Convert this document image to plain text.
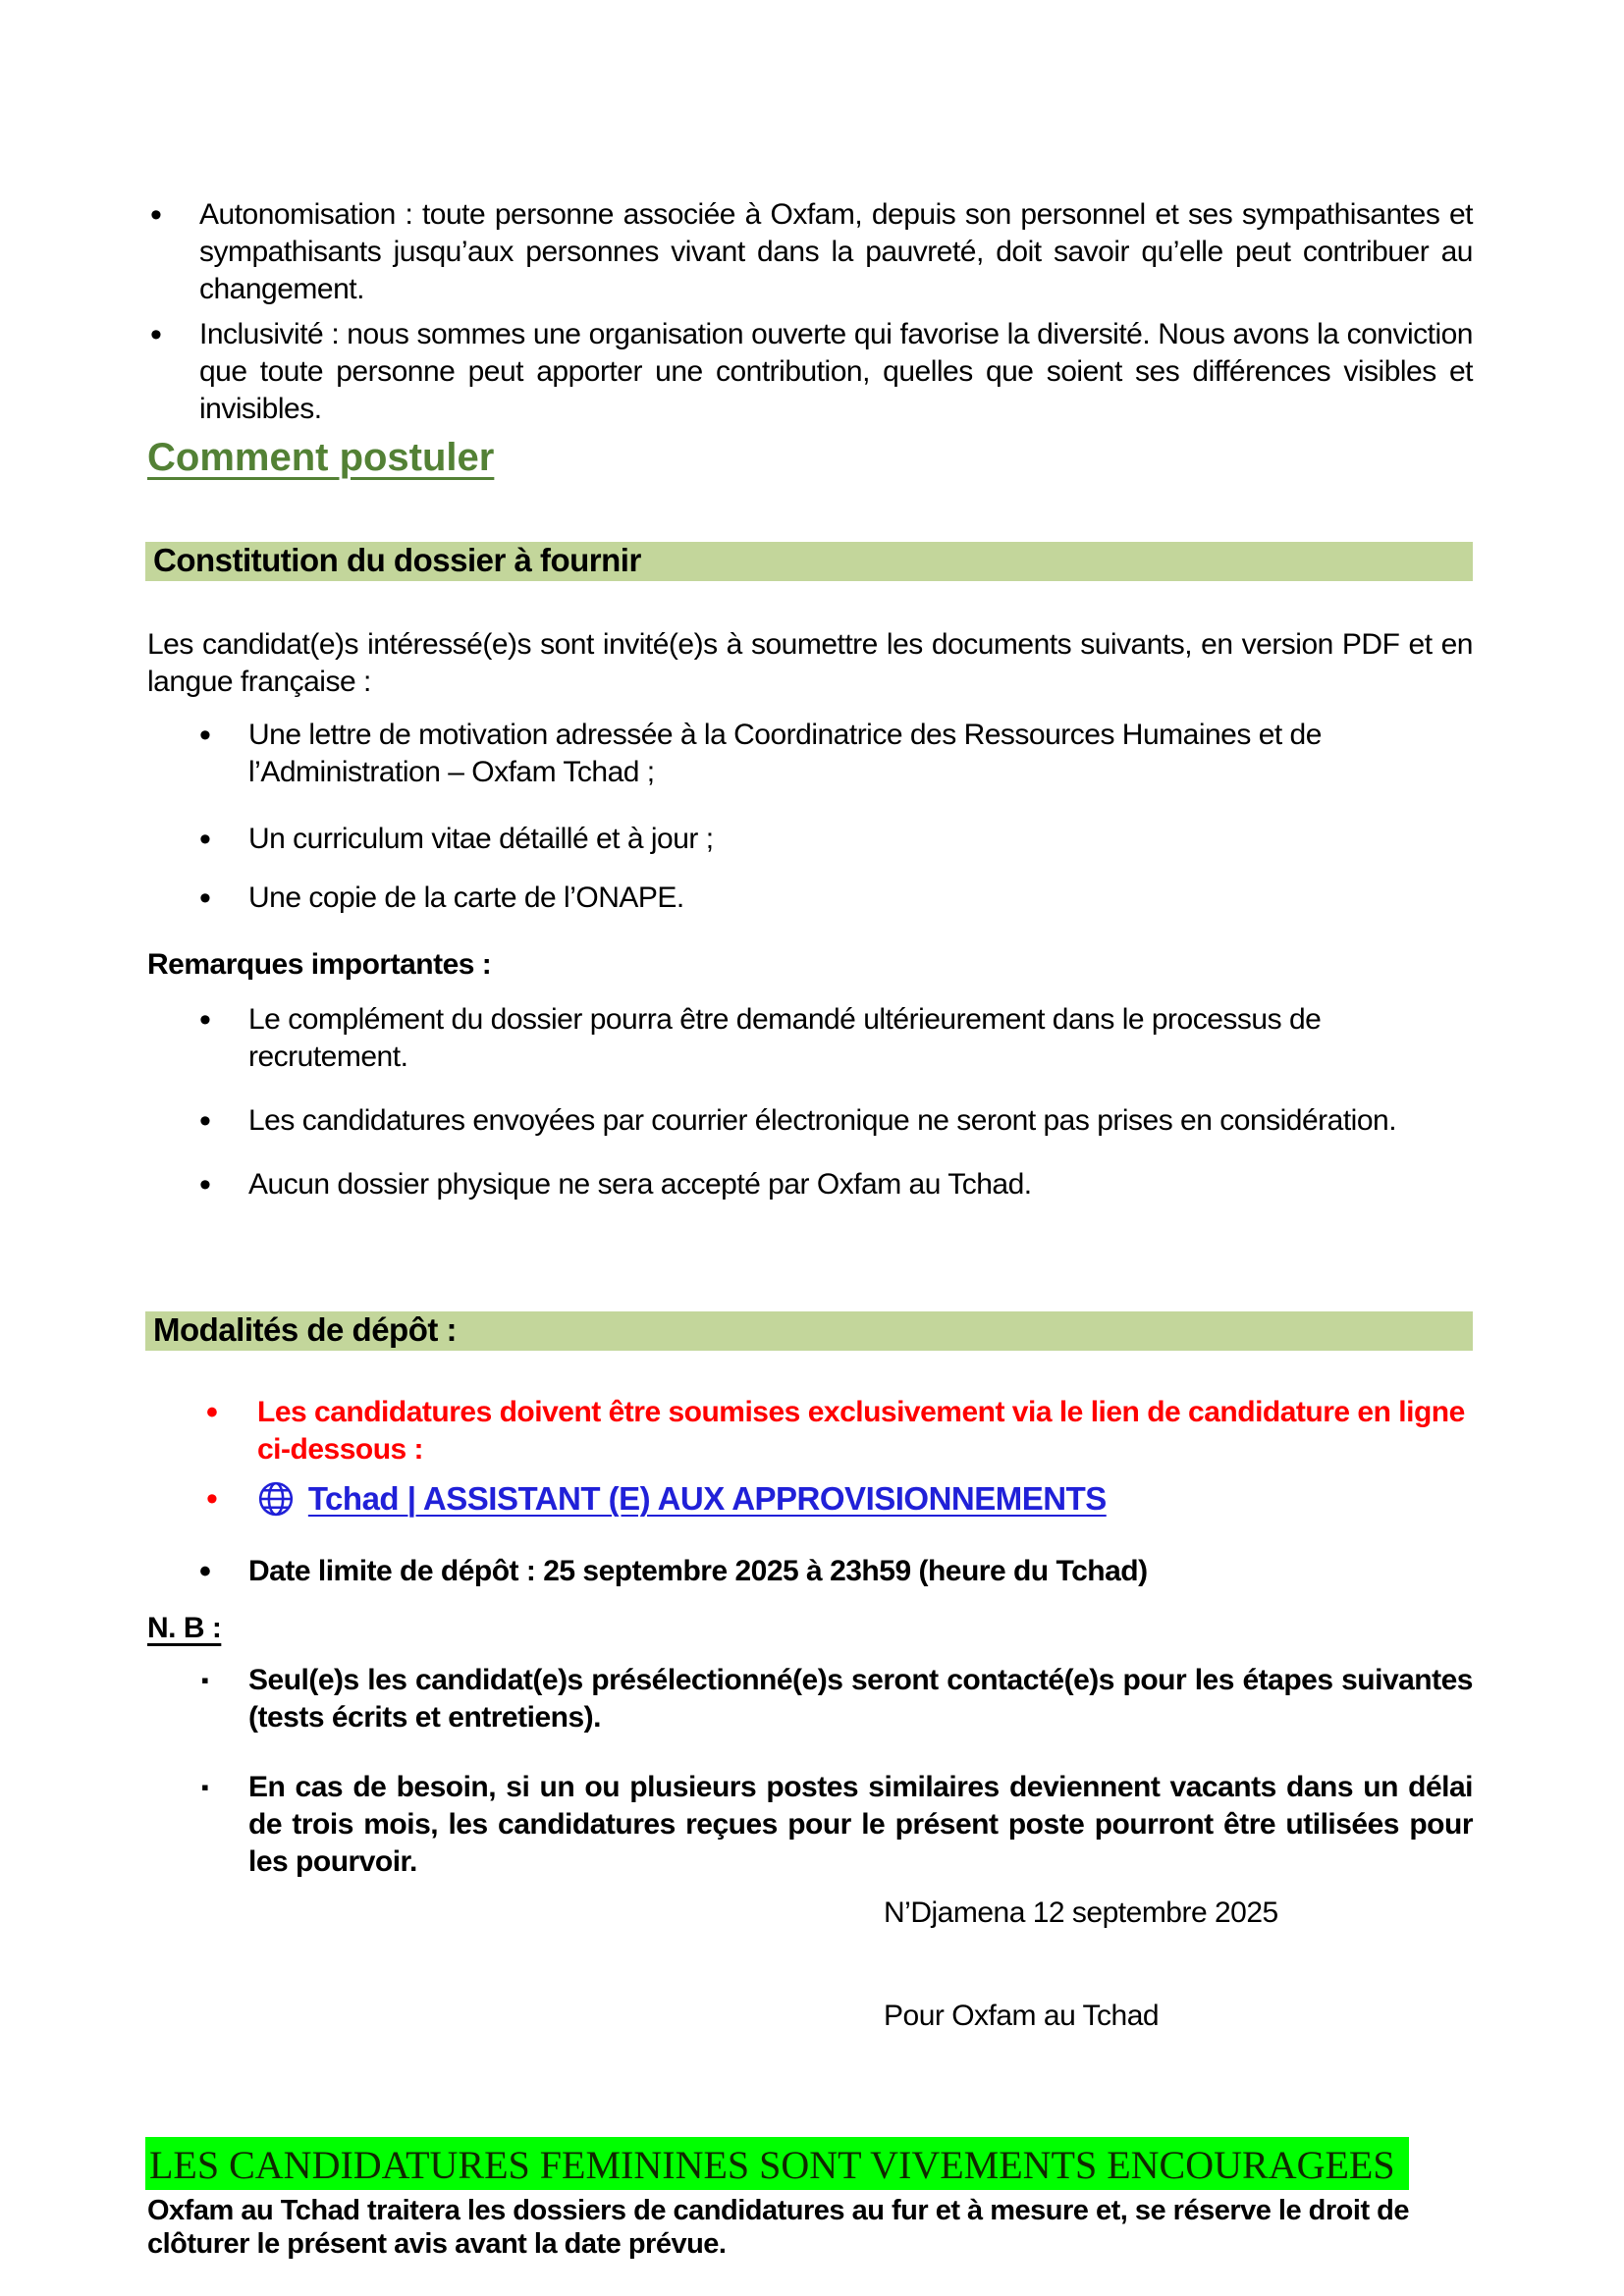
• Autonomisation : toute personne associée à Oxfam, depuis son personnel et ses sympathisantes et sympathisants jusqu’aux personnes vivant dans la pauvreté, doit savoir qu’elle peut contribuer au changement.
• Inclusivité : nous sommes une organisation ouverte qui favorise la diversité. Nous avons la conviction que toute personne peut apporter une contribution, quelles que soient ses différences visibles et invisibles.
Comment postuler
Constitution du dossier à fournir

Les candidat(e)s intéressé(e)s sont invité(e)s à soumettre les documents suivants, en version PDF et en langue française :

• Une lettre de motivation adressée à la Coordinatrice des Ressources Humaines et de l’Administration – Oxfam Tchad ;
• Un curriculum vitae détaillé et à jour ;
• Une copie de la carte de l’ONAPE.

Remarques importantes :

• Le complément du dossier pourra être demandé ultérieurement dans le processus de recrutement.
• Les candidatures envoyées par courrier électronique ne seront pas prises en considération.
• Aucun dossier physique ne sera accepté par Oxfam au Tchad.
Modalités de dépôt :
• Les candidatures doivent être soumises exclusivement via le lien de candidature en ligne ci-dessous :
• Tchad | ASSISTANT (E) AUX APPROVISIONNEMENTS
• Date limite de dépôt : 25 septembre 2025 à 23h59 (heure du Tchad)

N. B :

▪ Seul(e)s les candidat(e)s présélectionné(e)s seront contacté(e)s pour les étapes suivantes (tests écrits et entretiens).
▪ En cas de besoin, si un ou plusieurs postes similaires deviennent vacants dans un délai de trois mois, les candidatures reçues pour le présent poste pourront être utilisées pour les pourvoir.

N’Djamena 12 septembre 2025

Pour Oxfam au Tchad

LES CANDIDATURES FEMININES SONT VIVEMENTS ENCOURAGEES

Oxfam au Tchad traitera les dossiers de candidatures au fur et à mesure et, se réserve le droit de clôturer le présent avis avant la date prévue.
